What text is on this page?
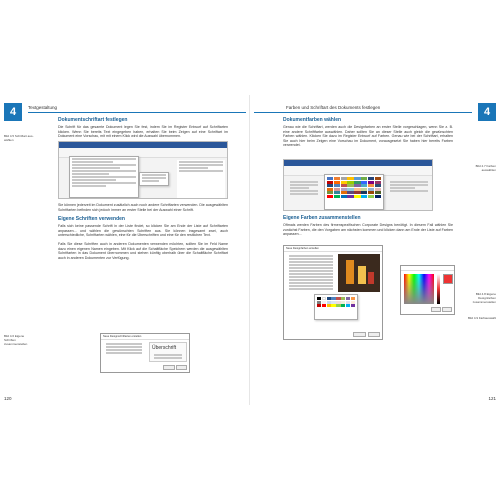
4	Textgestaltung
Dokumentschriftart festlegen

Die Schrift für das gesamte Dokument legen Sie fest, indem Sie im Register Entwurf auf Schriftarten klicken. Wenn Sie bereits Text eingegeben haben, erhalten Sie beim Zeigen auf eine Schriftart im Dokument eine Vorschau, mit mit einem Klick wird die Auswahl übernommen.

Bild 4.5 Schriftart aus-wählen

Sie können jederzeit im Dokument zusätzlich auch noch andere Schriftarten verwenden. Die ausgewählten Schriftarten befinden sich jedoch immer an erster Stelle bei der Auswahl einer Schrift.

Eigene Schriften verwenden

Falls sich keine passende Schrift in der Liste findet, so klicken Sie am Ende der Liste auf Schriftarten anpassen... und wählen die gewünschten Schriften aus. Sie können insgesamt zwei, auch unterschiedliche, Schriftarten wählen, eine für die Überschriften und eine für den restlichen Text.

Falls Sie diese Schriften auch in anderen Dokumenten verwenden möchten, sollten Sie im Feld Name dazu einen eigenen Namen eingeben. Mit Klick auf die Schaltfläche Speichern werden die ausgewählten Schriftarten in das Dokument übernommen und stehen künftig oberhalb über die Schaltfläche Schriftart auch in anderen Dokumenten zur Verfügung.

Bild 4.6 Eigene Schriften zusammenstellen
Neue Designschriftarten erstellen
Überschrift
120
4
Farben und Schriftart des Dokuments festlegen
Dokumentfarben wählen

Genau wie die Schriftart, werden auch die Designfarben an erster Stelle vorgeschlagen, wenn Sie z. B. eine andere Schriftfarbe auswählen. Daher sollten Sie an dieser Stelle auch gleich die gewünschten Farben wählen. Klicken Sie dazu im Register Entwurf auf Farben. Genau wie bei der Schriftart, erhalten Sie auch hier beim Zeigen eine Vorschau im Dokument, vorausgesetzt Sie haben hier bereits Farben verwendet.

Bild 4.7 Farben auswählen
Eigene Farben zusammenstellen

Oftmals werden Farben des firmenspezifischen Corporate Designs benötigt. In diesem Fall wählen Sie zunächst Farben, die den Vorgaben am nächsten kommen und klicken dann am Ende der Liste auf Farben anpassen...

Neue Designfarben erstellen
Bild 4.8 Eigene Designfarben zusammenstellen
Bild 4.9 Farbauswahl
121
